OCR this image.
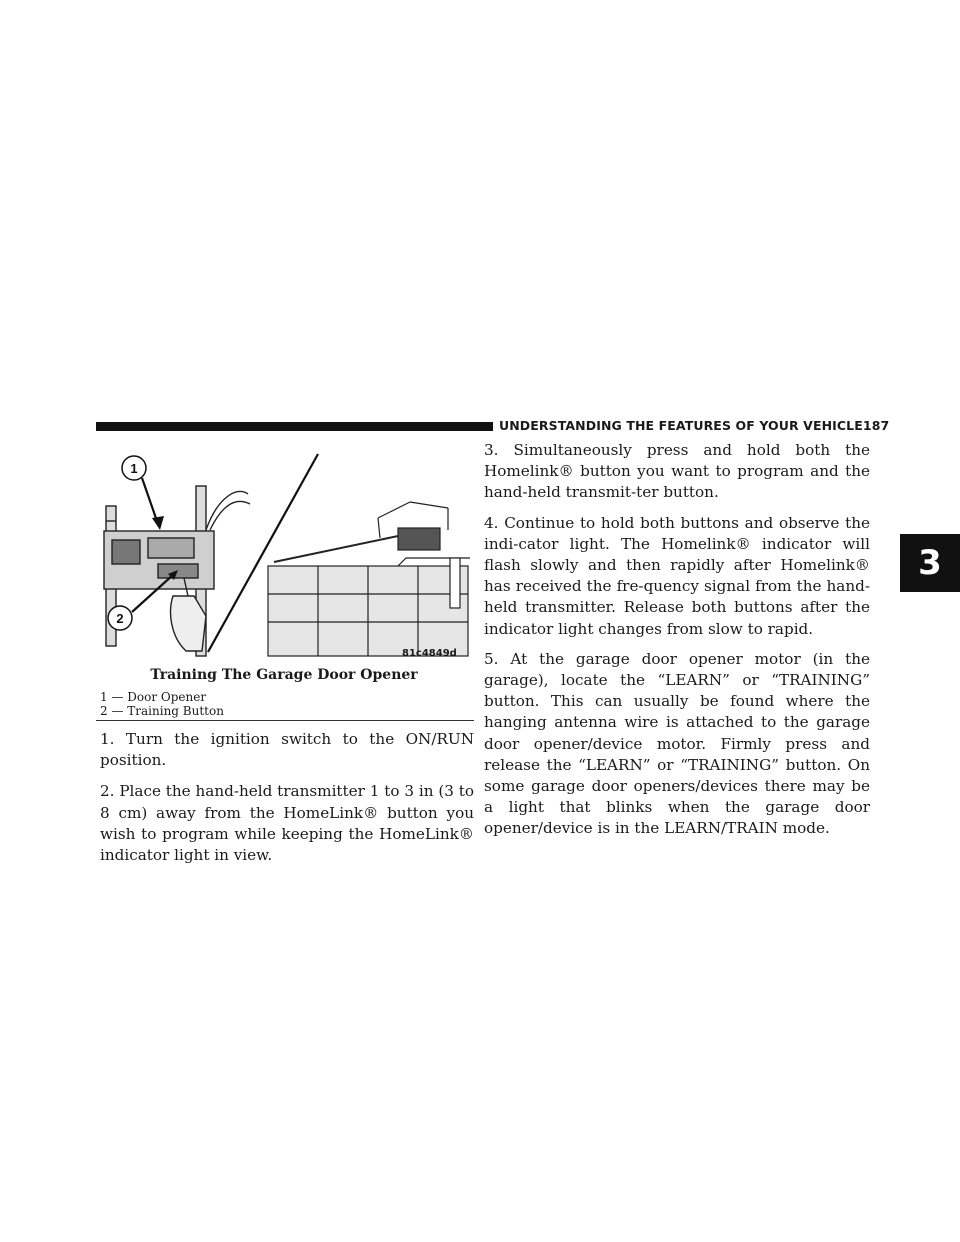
UNDERSTANDING THE FEATURES OF YOUR VEHICLE 187
3
1
2
81c4849d
Training The Garage Door Opener
1 — Door Opener
2 — Training Button

1. Turn the ignition switch to the ON/RUN position.

2. Place the hand-held transmitter 1 to 3 in (3 to 8 cm) away from the HomeLink® button you wish to program while keeping the HomeLink® indicator light in view.

3. Simultaneously press and hold both the Homelink® button you want to program and the hand-held transmit-ter button.

4. Continue to hold both buttons and observe the indi-cator light. The Homelink® indicator will flash slowly and then rapidly after Homelink® has received the fre-quency signal from the hand-held transmitter. Release both buttons after the indicator light changes from slow to rapid.

5. At the garage door opener motor (in the garage), locate the “LEARN” or “TRAINING” button. This can usually be found where the hanging antenna wire is attached to the garage door opener/device motor. Firmly press and release the “LEARN” or “TRAINING” button. On some garage door openers/devices there may be a light that blinks when the garage door opener/device is in the LEARN/TRAIN mode.
